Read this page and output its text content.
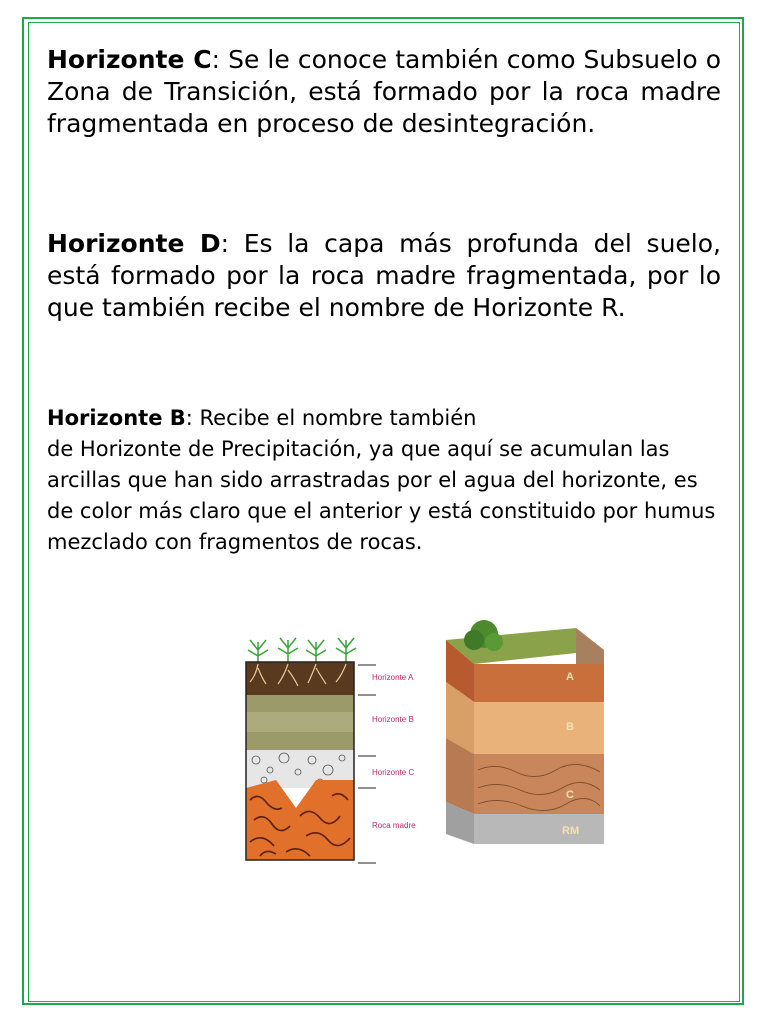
Horizonte C: Se le conoce también como Subsuelo o Zona de Transición, está formado por la roca madre fragmentada en proceso de desintegración.
Horizonte D: Es la capa más profunda del suelo, está formado por la roca madre fragmentada, por lo que también recibe el nombre de Horizonte R.
Horizonte B: Recibe el nombre también
de Horizonte de Precipitación, ya que aquí se acumulan las arcillas que han sido arrastradas por el agua del horizonte, es de color más claro que el anterior y está constituido por humus mezclado con fragmentos de rocas.
Horizonte A
Horizonte B
Horizonte C
Roca madre
A
B
C
RM
